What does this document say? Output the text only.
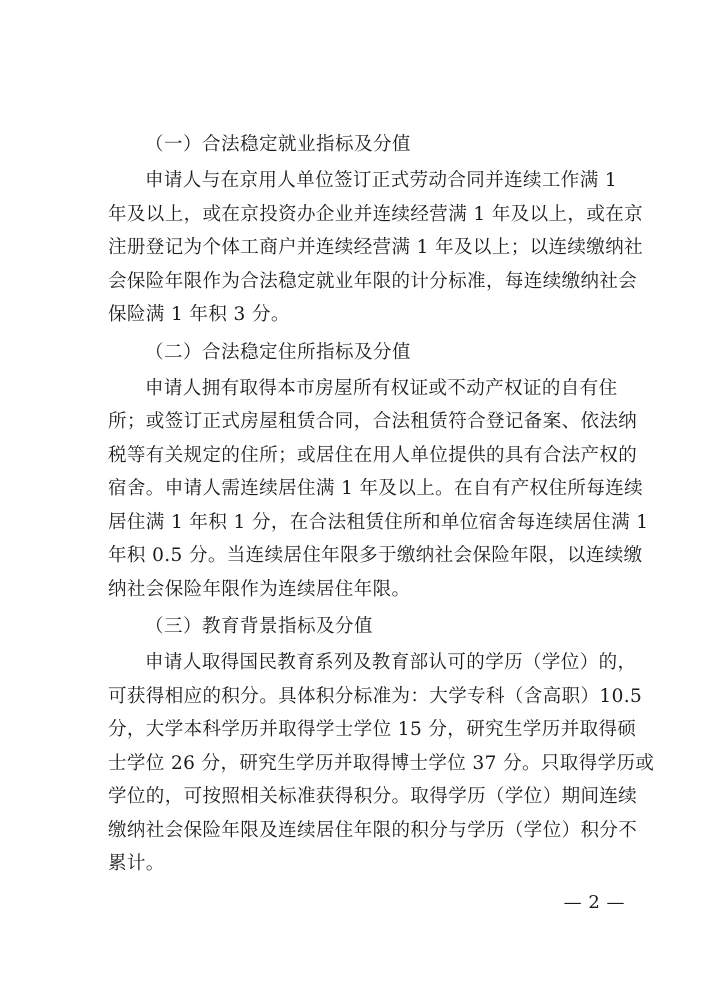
（一）合法稳定就业指标及分值

申请人与在京用人单位签订正式劳动合同并连续工作满 1
年及以上，或在京投资办企业并连续经营满 1 年及以上，或在京
注册登记为个体工商户并连续经营满 1 年及以上；以连续缴纳社
会保险年限作为合法稳定就业年限的计分标准，每连续缴纳社会
保险满 1 年积 3 分。

（二）合法稳定住所指标及分值

申请人拥有取得本市房屋所有权证或不动产权证的自有住
所；或签订正式房屋租赁合同，合法租赁符合登记备案、依法纳
税等有关规定的住所；或居住在用人单位提供的具有合法产权的
宿舍。申请人需连续居住满 1 年及以上。在自有产权住所每连续
居住满 1 年积 1 分，在合法租赁住所和单位宿舍每连续居住满 1
年积 0.5 分。当连续居住年限多于缴纳社会保险年限，以连续缴
纳社会保险年限作为连续居住年限。

（三）教育背景指标及分值

申请人取得国民教育系列及教育部认可的学历（学位）的，
可获得相应的积分。具体积分标准为：大学专科（含高职）10.5
分，大学本科学历并取得学士学位 15 分，研究生学历并取得硕
士学位 26 分，研究生学历并取得博士学位 37 分。只取得学历或
学位的，可按照相关标准获得积分。取得学历（学位）期间连续
缴纳社会保险年限及连续居住年限的积分与学历（学位）积分不
累计。
— 2 —
